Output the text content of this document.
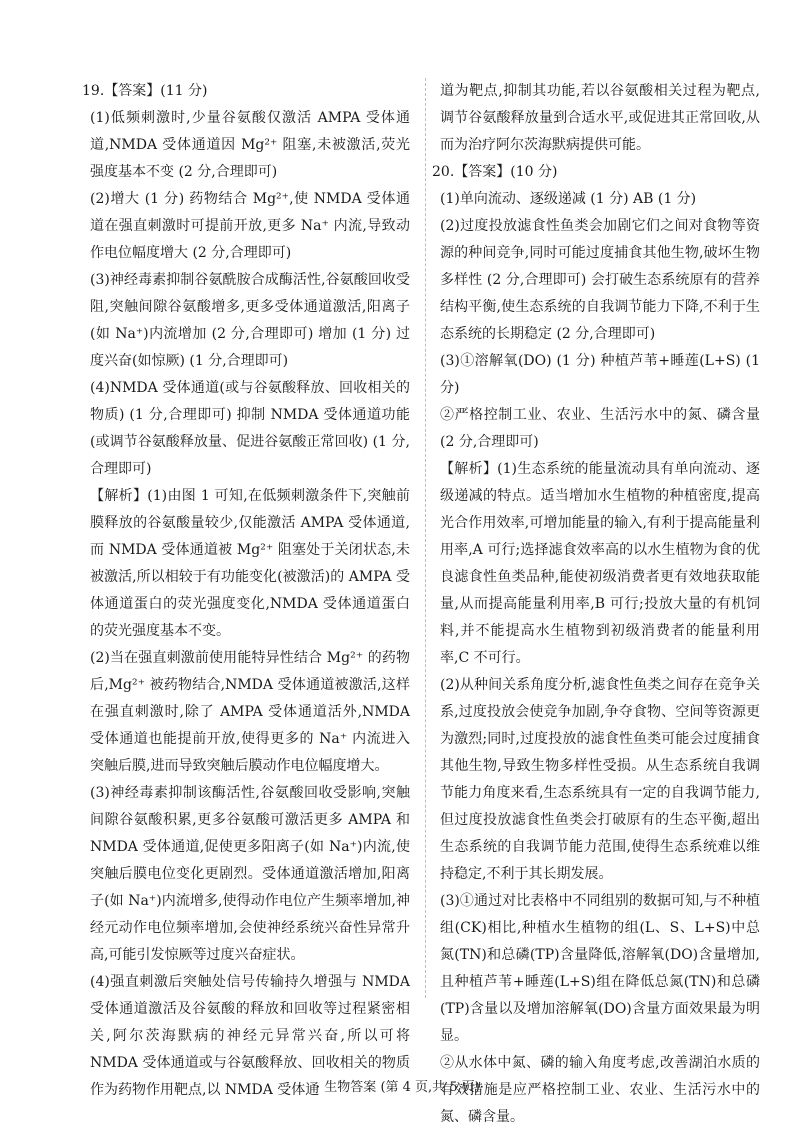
19.【答案】(11 分)

(1)低频刺激时,少量谷氨酸仅激活 AMPA 受体通道,NMDA 受体通道因 Mg²⁺ 阻塞,未被激活,荧光强度基本不变 (2 分,合理即可)

(2)增大 (1 分) 药物结合 Mg²⁺,使 NMDA 受体通道在强直刺激时可提前开放,更多 Na⁺ 内流,导致动作电位幅度增大 (2 分,合理即可)

(3)神经毒素抑制谷氨酰胺合成酶活性,谷氨酸回收受阻,突触间隙谷氨酸增多,更多受体通道激活,阳离子(如 Na⁺)内流增加 (2 分,合理即可) 增加 (1 分) 过度兴奋(如惊厥) (1 分,合理即可)

(4)NMDA 受体通道(或与谷氨酸释放、回收相关的物质) (1 分,合理即可) 抑制 NMDA 受体通道功能(或调节谷氨酸释放量、促进谷氨酸正常回收) (1 分,合理即可)

【解析】(1)由图 1 可知,在低频刺激条件下,突触前膜释放的谷氨酸量较少,仅能激活 AMPA 受体通道,而 NMDA 受体通道被 Mg²⁺ 阻塞处于关闭状态,未被激活,所以相较于有功能变化(被激活)的 AMPA 受体通道蛋白的荧光强度变化,NMDA 受体通道蛋白的荧光强度基本不变。

(2)当在强直刺激前使用能特异性结合 Mg²⁺ 的药物后,Mg²⁺ 被药物结合,NMDA 受体通道被激活,这样在强直刺激时,除了 AMPA 受体通道活外,NMDA 受体通道也能提前开放,使得更多的 Na⁺ 内流进入突触后膜,进而导致突触后膜动作电位幅度增大。

(3)神经毒素抑制该酶活性,谷氨酸回收受影响,突触间隙谷氨酸积累,更多谷氨酸可激活更多 AMPA 和 NMDA 受体通道,促使更多阳离子(如 Na⁺)内流,使突触后膜电位变化更剧烈。受体通道激活增加,阳离子(如 Na⁺)内流增多,使得动作电位产生频率增加,神经元动作电位频率增加,会使神经系统兴奋性异常升高,可能引发惊厥等过度兴奋症状。

(4)强直刺激后突触处信号传输持久增强与 NMDA 受体通道激活及谷氨酸的释放和回收等过程紧密相关,阿尔茨海默病的神经元异常兴奋,所以可将 NMDA 受体通道或与谷氨酸释放、回收相关的物质作为药物作用靶点,以 NMDA 受体通

道为靶点,抑制其功能,若以谷氨酸相关过程为靶点,调节谷氨酸释放量到合适水平,或促进其正常回收,从而为治疗阿尔茨海默病提供可能。

20.【答案】(10 分)

(1)单向流动、逐级递减 (1 分) AB (1 分)

(2)过度投放滤食性鱼类会加剧它们之间对食物等资源的种间竞争,同时可能过度捕食其他生物,破坏生物多样性 (2 分,合理即可) 会打破生态系统原有的营养结构平衡,使生态系统的自我调节能力下降,不利于生态系统的长期稳定 (2 分,合理即可)

(3)①溶解氧(DO) (1 分) 种植芦苇+睡莲(L+S) (1 分)

②严格控制工业、农业、生活污水中的氮、磷含量 (2 分,合理即可)

【解析】(1)生态系统的能量流动具有单向流动、逐级递减的特点。适当增加水生植物的种植密度,提高光合作用效率,可增加能量的输入,有利于提高能量利用率,A 可行;选择滤食效率高的以水生植物为食的优良滤食性鱼类品种,能使初级消费者更有效地获取能量,从而提高能量利用率,B 可行;投放大量的有机饲料,并不能提高水生植物到初级消费者的能量利用率,C 不可行。

(2)从种间关系角度分析,滤食性鱼类之间存在竞争关系,过度投放会使竞争加剧,争夺食物、空间等资源更为激烈;同时,过度投放的滤食性鱼类可能会过度捕食其他生物,导致生物多样性受损。从生态系统自我调节能力角度来看,生态系统具有一定的自我调节能力,但过度投放滤食性鱼类会打破原有的生态平衡,超出生态系统的自我调节能力范围,使得生态系统难以维持稳定,不利于其长期发展。

(3)①通过对比表格中不同组别的数据可知,与不种植组(CK)相比,种植水生植物的组(L、S、L+S)中总氮(TN)和总磷(TP)含量降低,溶解氧(DO)含量增加,且种植芦苇+睡莲(L+S)组在降低总氮(TN)和总磷(TP)含量以及增加溶解氧(DO)含量方面效果最为明显。

②从水体中氮、磷的输入角度考虑,改善湖泊水质的有效措施是应严格控制工业、农业、生活污水中的氮、磷含量。

· 生物答案 (第 4 页,共 5 页)·
